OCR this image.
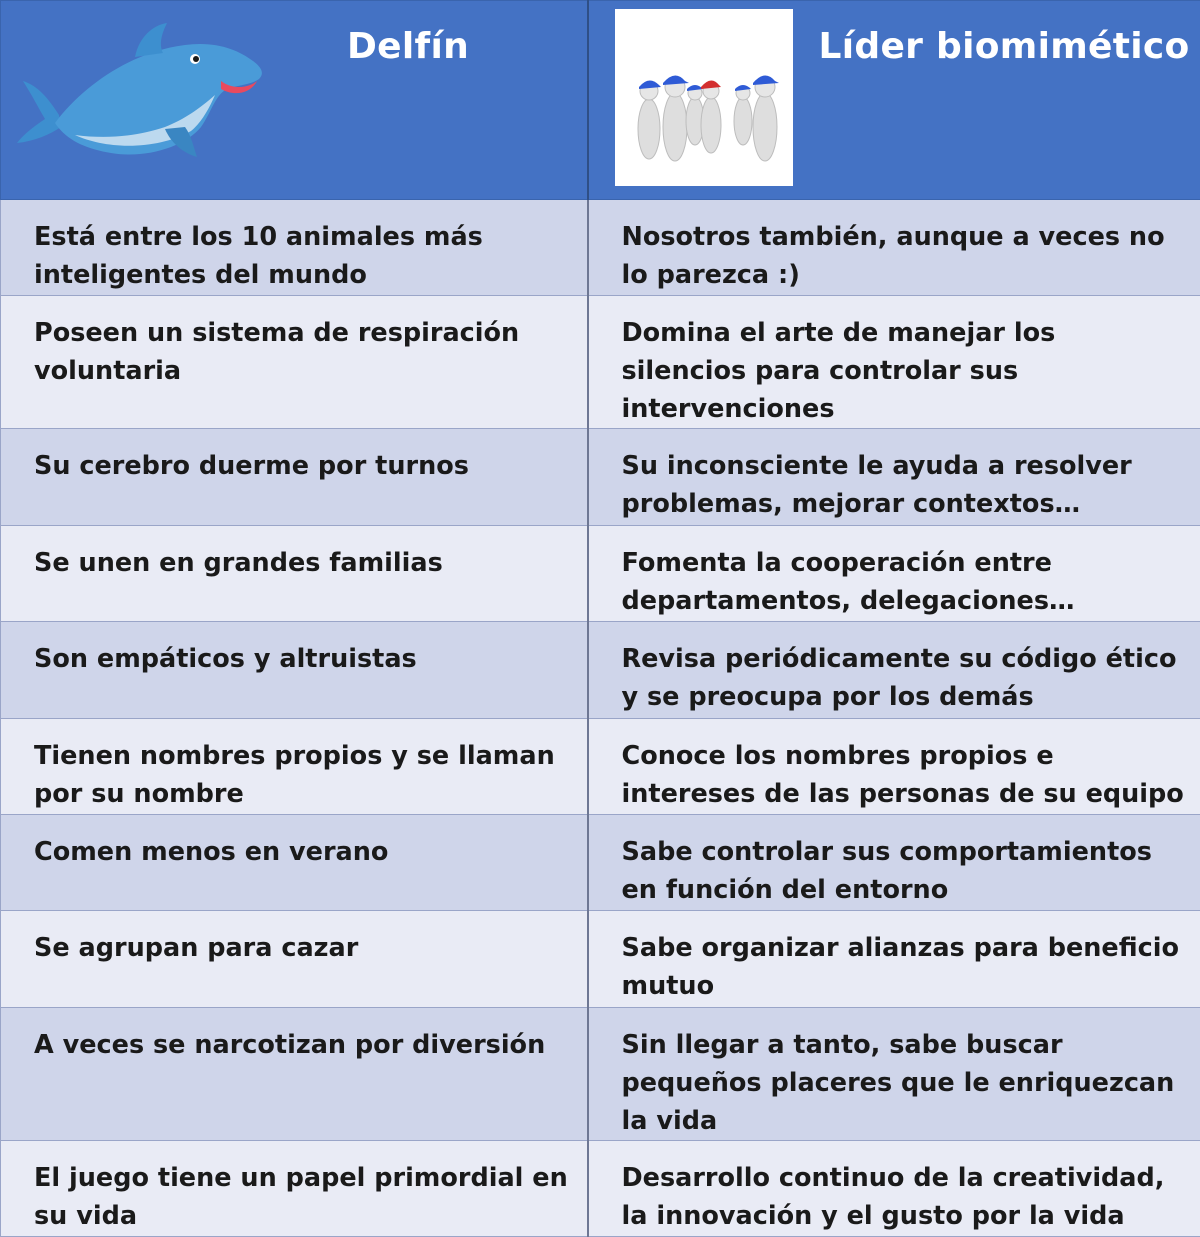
Delfín	Líder biomimético

Está entre los 10 animales más inteligentes del mundo	Nosotros también, aunque a veces no lo parezca :)
Poseen un sistema de respiración voluntaria	Domina el arte de manejar los silencios para controlar sus intervenciones
Su cerebro duerme por turnos	Su inconsciente le ayuda a resolver problemas, mejorar contextos…
Se unen en grandes familias	Fomenta la cooperación entre departamentos, delegaciones…
Son empáticos y altruistas	Revisa periódicamente su código ético y se preocupa por los demás
Tienen nombres propios y se llaman por su nombre	Conoce los nombres propios e intereses de las personas de su equipo
Comen menos en verano	Sabe controlar sus comportamientos en función del entorno
Se agrupan para cazar	Sabe organizar alianzas para beneficio mutuo
A veces se narcotizan por diversión	Sin llegar a tanto, sabe buscar pequeños placeres que le enriquezcan la vida
El juego tiene un papel primordial en su vida	Desarrollo continuo de la creatividad, la innovación y el gusto por la vida
